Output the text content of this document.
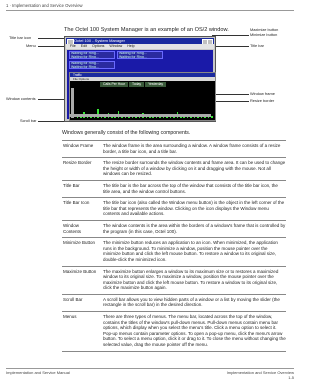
1 · Implementation and Service Overview
The Octel 100 System Manager is an example of an OS/2 window.
Title bar icon
Menu
Window contents
Scroll bar
Maximize button
Minimize button
Title bar
Window frame
Resize border
Octel 100 - System Manager
File Edit Options Window Help
Waiting for Ring...
Waiting for Ring...
Waiting for Ring...
Waiting for Ring...
Waiting for Ring...
Waiting for Ring...
Traffic
File Options
Calls Per Hour Today Yesterday
Windows generally consist of the following components.
Window Frame	The window frame is the area surrounding a window. A window frame consists of a resize border, a title bar icon, and a title bar.
Resize Border	The resize border surrounds the window contents and frame area. It can be used to change the height or width of a window by clicking on it and dragging with the mouse. Not all windows can be resized.
Title Bar	The title bar is the bar across the top of the window that consists of the title bar icon, the title area, and the window control buttons.
Title Bar Icon	The title bar icon (also called the Window menu button) is the object in the left corner of the title bar that represents the window. Clicking on the icon displays the Window menu contents and available actions.
Window Contents
The window contents is the area within the borders of a window's frame that is controlled by the program (in this case, Octel 100).
Minimize Button	The minimize button reduces an application to an icon. When minimized, the application runs in the background. To minimize a window, position the mouse pointer over the minimize button and click the left mouse button. To restore a window to its original size, double-click the minimized icon.
Maximize Button The maximize button enlarges a window to its maximum size or to restores a maximized window to its original size. To maximize a window, position the mouse pointer over the maximize button and click the left mouse button. To restore a window to its original size, click the maximize button again.
Scroll Bar	A scroll bar allows you to view hidden parts of a window or a list by moving the slider (the rectangle in the scroll bar) in the desired direction.
Menus	There are three types of menus. The menu bar, located across the top of the window, contains the titles of the window's pull-down menus. Pull-down menus contain menu bar options, which display when you select the menu's title. Click a menu option to select it. Pop-up menus contain parameter options. To open a pop-up menu, click the menu's arrow button. To select a menu option, click it or drag to it. To close the menu without changing the selected value, drag the mouse pointer off the menu.
Implementation and Service Manual	Implementation and Service Overview
1-5
